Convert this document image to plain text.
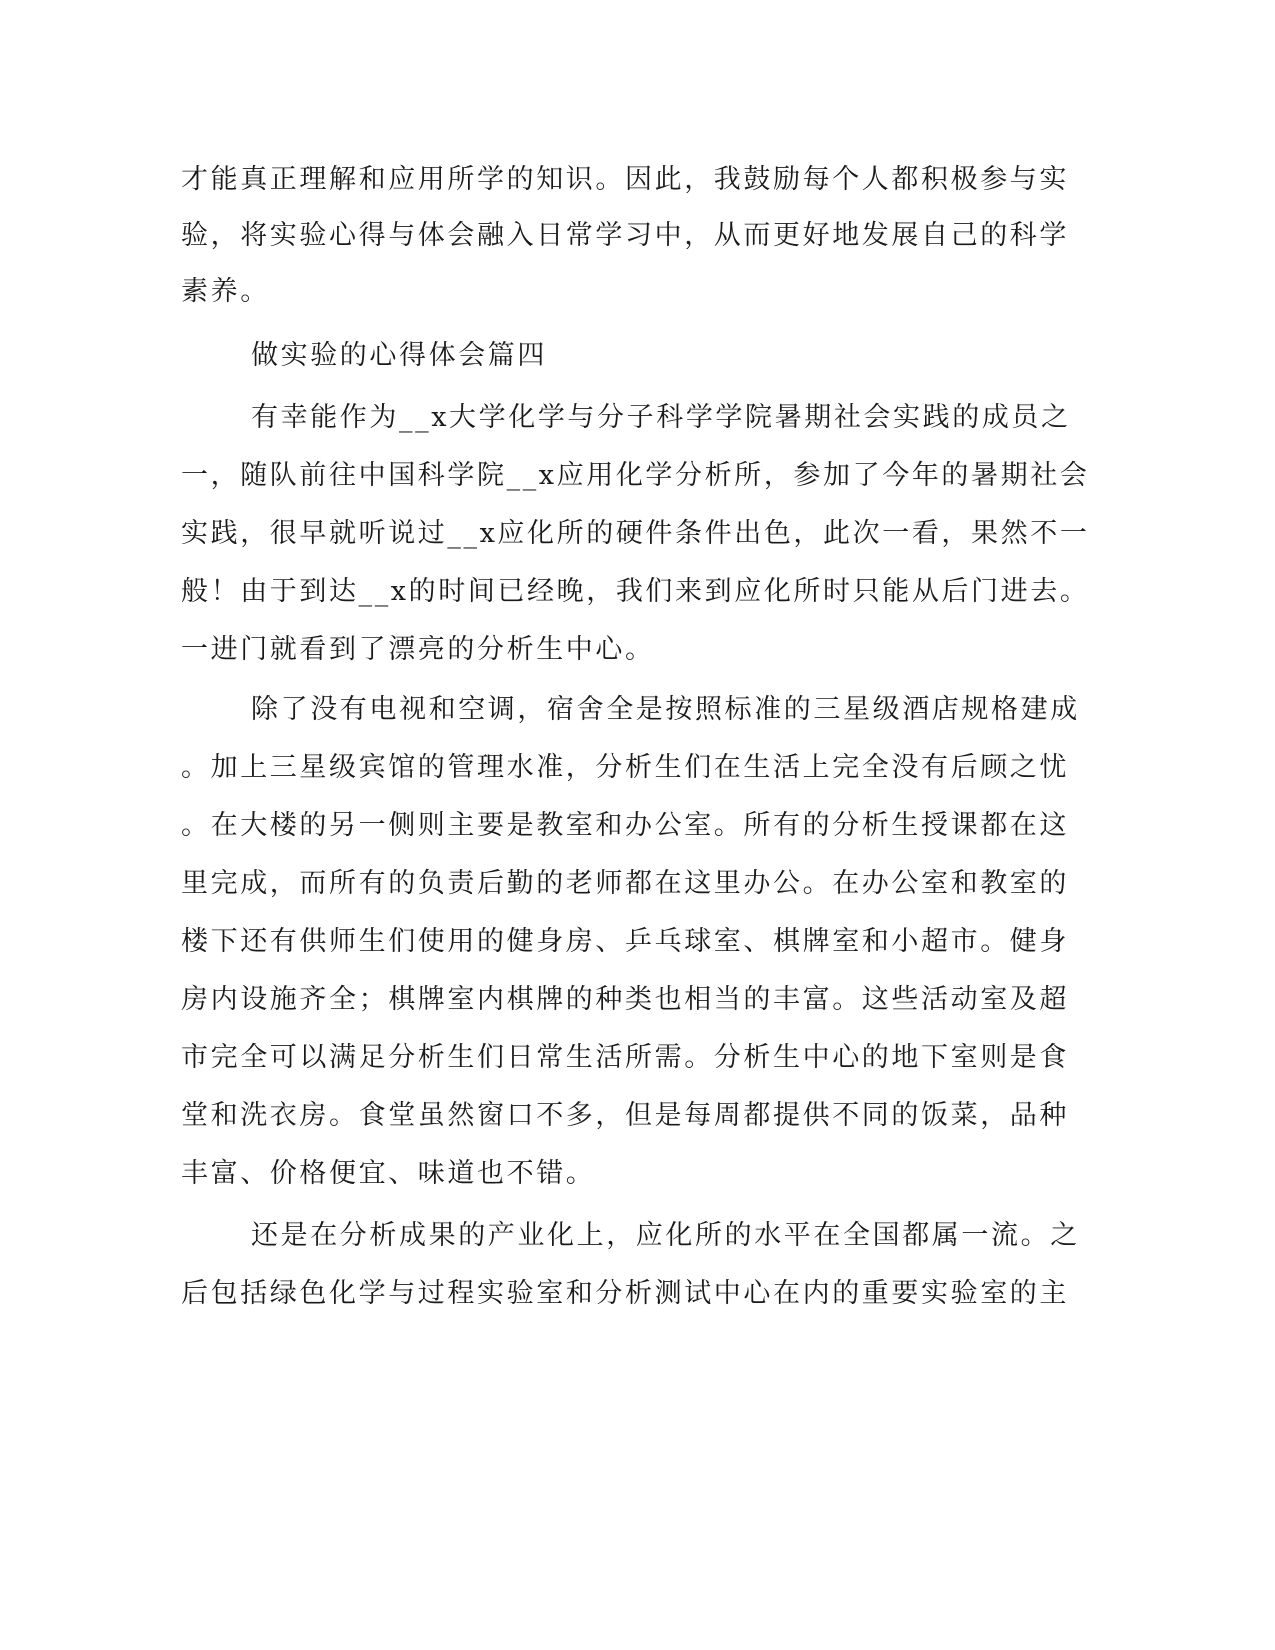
才能真正理解和应用所学的知识。因此，我鼓励每个人都积极参与实
验，将实验心得与体会融入日常学习中，从而更好地发展自己的科学
素养。
做实验的心得体会篇四
有幸能作为__x大学化学与分子科学学院暑期社会实践的成员之
一，随队前往中国科学院__x应用化学分析所，参加了今年的暑期社会
实践，很早就听说过__x应化所的硬件条件出色，此次一看，果然不一
般！由于到达__x的时间已经晚，我们来到应化所时只能从后门进去。
一进门就看到了漂亮的分析生中心。
除了没有电视和空调，宿舍全是按照标准的三星级酒店规格建成
。加上三星级宾馆的管理水准，分析生们在生活上完全没有后顾之忧
。在大楼的另一侧则主要是教室和办公室。所有的分析生授课都在这
里完成，而所有的负责后勤的老师都在这里办公。在办公室和教室的
楼下还有供师生们使用的健身房、乒乓球室、棋牌室和小超市。健身
房内设施齐全；棋牌室内棋牌的种类也相当的丰富。这些活动室及超
市完全可以满足分析生们日常生活所需。分析生中心的地下室则是食
堂和洗衣房。食堂虽然窗口不多，但是每周都提供不同的饭菜，品种
丰富、价格便宜、味道也不错。
还是在分析成果的产业化上，应化所的水平在全国都属一流。之
后包括绿色化学与过程实验室和分析测试中心在内的重要实验室的主
